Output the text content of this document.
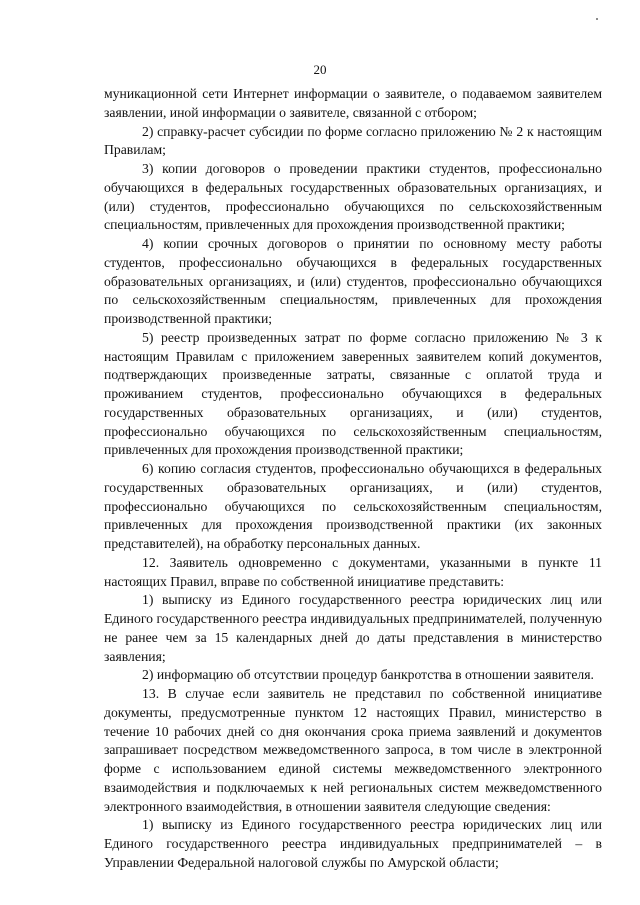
20

муникационной сети Интернет информации о заявителе, о подаваемом заявителем заявлении, иной информации о заявителе, связанной с отбором;

2) справку-расчет субсидии по форме согласно приложению № 2 к настоящим Правилам;

3) копии договоров о проведении практики студентов, профессионально обучающихся в федеральных государственных образовательных организациях, и (или) студентов, профессионально обучающихся по сельскохозяйственным специальностям, привлеченных для прохождения производственной практики;

4) копии срочных договоров о принятии по основному месту работы студентов, профессионально обучающихся в федеральных государственных образовательных организациях, и (или) студентов, профессионально обучающихся по сельскохозяйственным специальностям, привлеченных для прохождения производственной практики;

5) реестр произведенных затрат по форме согласно приложению № 3 к настоящим Правилам с приложением заверенных заявителем копий документов, подтверждающих произведенные затраты, связанные с оплатой труда и проживанием студентов, профессионально обучающихся в федеральных государственных образовательных организациях, и (или) студентов, профессионально обучающихся по сельскохозяйственным специальностям, привлеченных для прохождения производственной практики;

6) копию согласия студентов, профессионально обучающихся в федеральных государственных образовательных организациях, и (или) студентов, профессионально обучающихся по сельскохозяйственным специальностям, привлеченных для прохождения производственной практики (их законных представителей), на обработку персональных данных.

12. Заявитель одновременно с документами, указанными в пункте 11 настоящих Правил, вправе по собственной инициативе представить:

1) выписку из Единого государственного реестра юридических лиц или Единого государственного реестра индивидуальных предпринимателей, полученную не ранее чем за 15 календарных дней до даты представления в министерство заявления;

2) информацию об отсутствии процедур банкротства в отношении заявителя.

13. В случае если заявитель не представил по собственной инициативе документы, предусмотренные пунктом 12 настоящих Правил, министерство в течение 10 рабочих дней со дня окончания срока приема заявлений и документов запрашивает посредством межведомственного запроса, в том числе в электронной форме с использованием единой системы межведомственного электронного взаимодействия и подключаемых к ней региональных систем межведомственного электронного взаимодействия, в отношении заявителя следующие сведения:

1) выписку из Единого государственного реестра юридических лиц или Единого государственного реестра индивидуальных предпринимателей – в Управлении Федеральной налоговой службы по Амурской области;
